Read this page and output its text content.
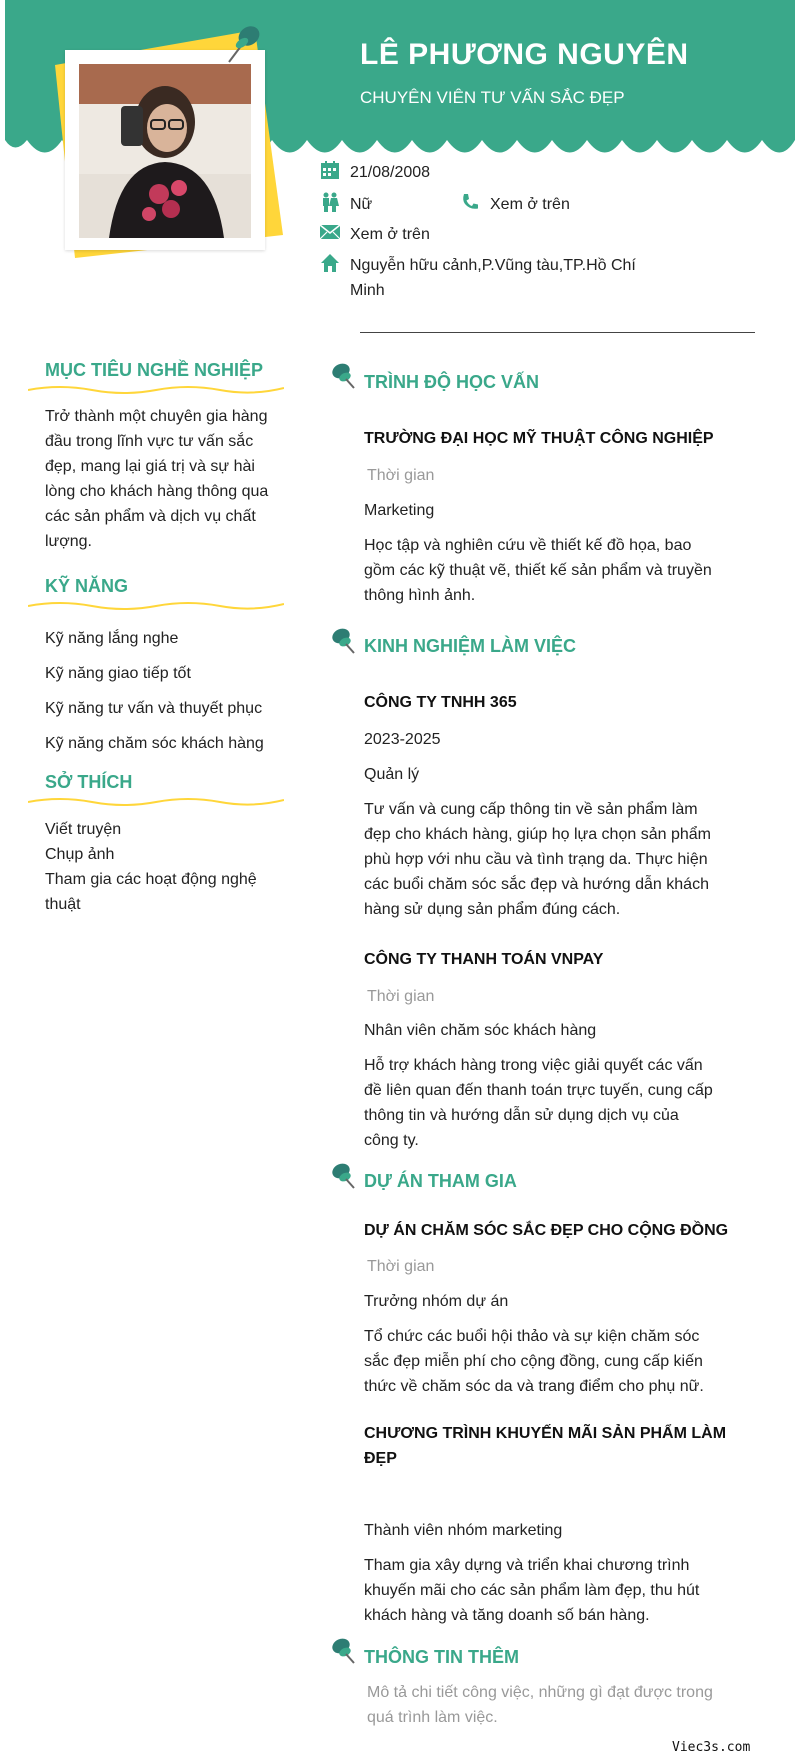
LÊ PHƯƠNG NGUYÊN
CHUYÊN VIÊN TƯ VẤN SẮC ĐẸP
21/08/2008
Nữ	Xem ở trên
Xem ở trên
Nguyễn hữu cảnh,P.Vũng tàu,TP.Hồ Chí
Minh
MỤC TIÊU NGHỀ NGHIỆP
Trở thành một chuyên gia hàng
đầu trong lĩnh vực tư vấn sắc
đẹp, mang lại giá trị và sự hài
lòng cho khách hàng thông qua
các sản phẩm và dịch vụ chất
lượng.
KỸ NĂNG
Kỹ năng lắng nghe
Kỹ năng giao tiếp tốt
Kỹ năng tư vấn và thuyết phục
Kỹ năng chăm sóc khách hàng
SỞ THÍCH
Viết truyện
Chụp ảnh
Tham gia các hoạt động nghệ
thuật
TRÌNH ĐỘ HỌC VẤN
TRƯỜNG ĐẠI HỌC MỸ THUẬT CÔNG NGHIỆP
Thời gian
Marketing
Học tập và nghiên cứu về thiết kế đồ họa, bao
gồm các kỹ thuật vẽ, thiết kế sản phẩm và truyền
thông hình ảnh.
KINH NGHIỆM LÀM VIỆC
CÔNG TY TNHH 365
2023-2025
Quản lý
Tư vấn và cung cấp thông tin về sản phẩm làm
đẹp cho khách hàng, giúp họ lựa chọn sản phẩm
phù hợp với nhu cầu và tình trạng da. Thực hiện
các buổi chăm sóc sắc đẹp và hướng dẫn khách
hàng sử dụng sản phẩm đúng cách.
CÔNG TY THANH TOÁN VNPAY
Thời gian
Nhân viên chăm sóc khách hàng
Hỗ trợ khách hàng trong việc giải quyết các vấn
đề liên quan đến thanh toán trực tuyến, cung cấp
thông tin và hướng dẫn sử dụng dịch vụ của
công ty.
DỰ ÁN THAM GIA
DỰ ÁN CHĂM SÓC SẮC ĐẸP CHO CỘNG ĐỒNG
Thời gian
Trưởng nhóm dự án
Tổ chức các buổi hội thảo và sự kiện chăm sóc
sắc đẹp miễn phí cho cộng đồng, cung cấp kiến
thức về chăm sóc da và trang điểm cho phụ nữ.
CHƯƠNG TRÌNH KHUYẾN MÃI SẢN PHẨM LÀM
ĐẸP
Thành viên nhóm marketing
Tham gia xây dựng và triển khai chương trình
khuyến mãi cho các sản phẩm làm đẹp, thu hút
khách hàng và tăng doanh số bán hàng.
THÔNG TIN THÊM
Mô tả chi tiết công việc, những gì đạt được trong
quá trình làm việc.
Viec3s.com
